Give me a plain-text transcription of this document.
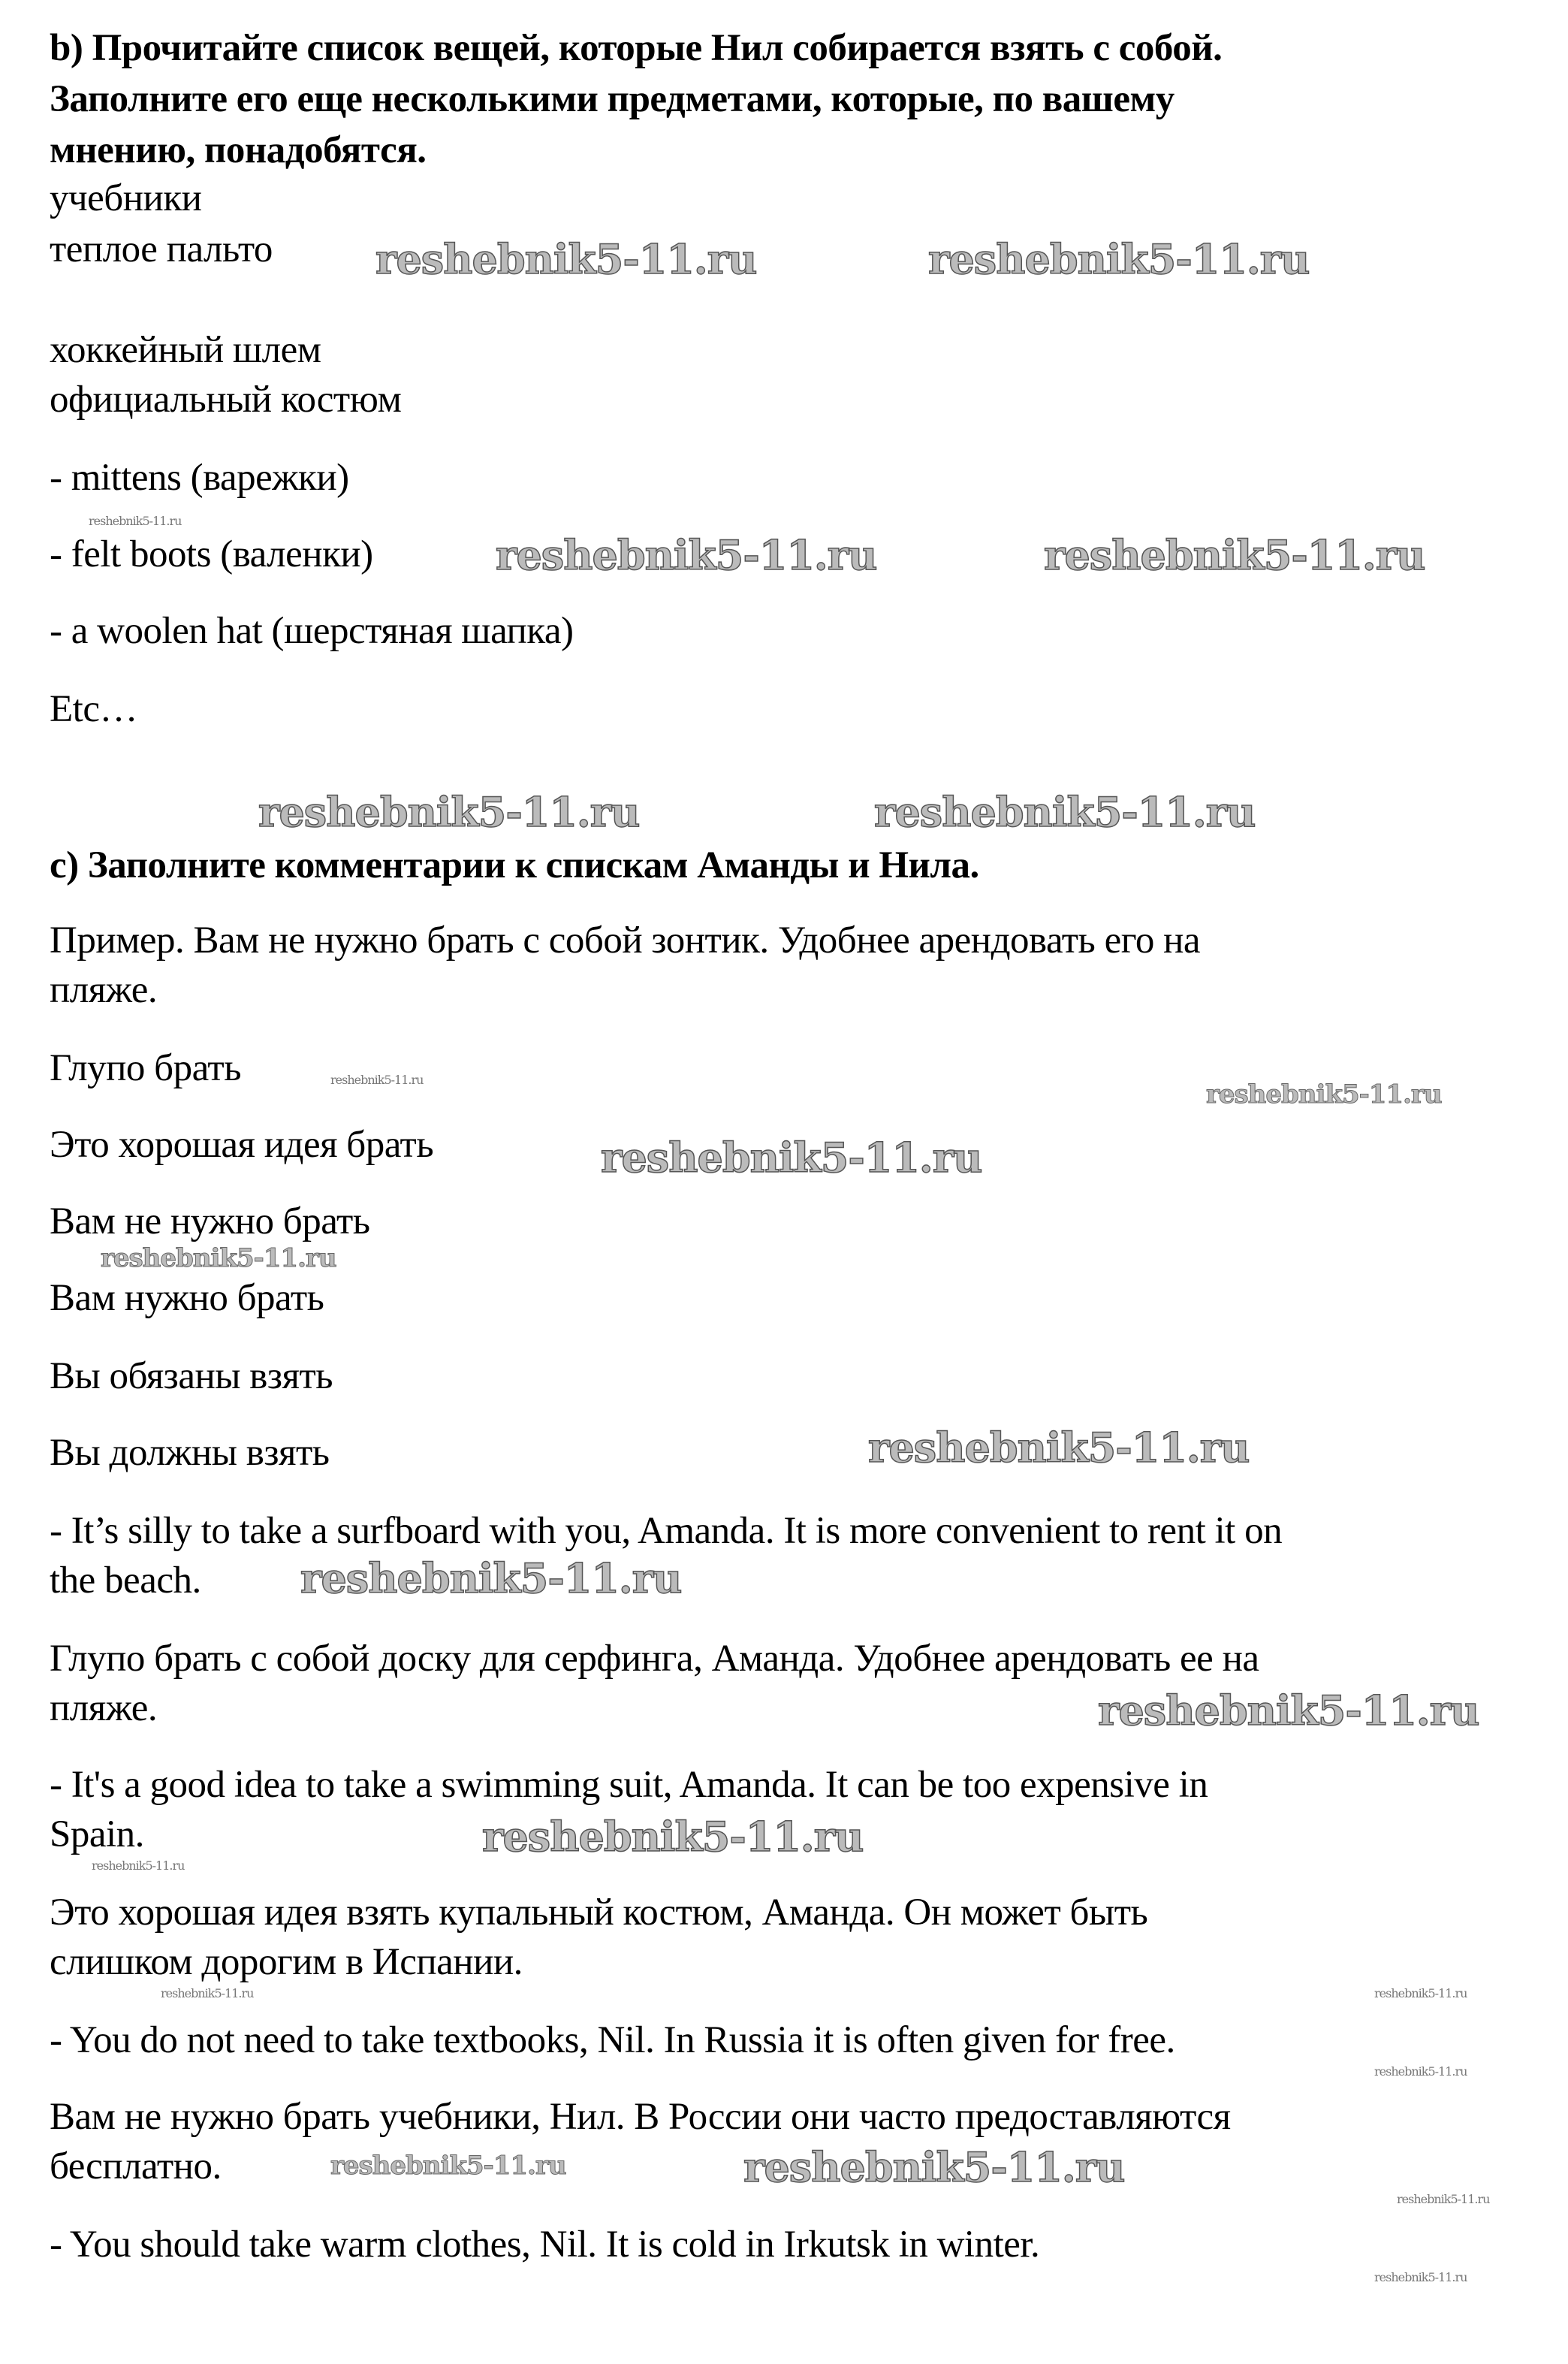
b) Прочитайте список вещей, которые Нил собирается взять с собой.
Заполните его еще несколькими предметами, которые, по вашему
мнению, понадобятся.
учебники
теплое пальто
хоккейный шлем
официальный костюм
- mittens (варежки)
- felt boots (валенки)
- a woolen hat (шерстяная шапка)
Etc…
c) Заполните комментарии к спискам Аманды и Нила.
Пример. Вам не нужно брать с собой зонтик. Удобнее арендовать его на
пляже.
Глупо брать
Это хорошая идея брать
Вам не нужно брать
Вам нужно брать
Вы обязаны взять
Вы должны взять
- It’s silly to take a surfboard with you, Amanda. It is more convenient to rent it on
the beach.
Глупо брать с собой доску для серфинга, Аманда. Удобнее арендовать ее на
пляже.
- It's a good idea to take a swimming suit, Amanda. It can be too expensive in
Spain.
Это хорошая идея взять купальный костюм, Аманда. Он может быть
слишком дорогим в Испании.
- You do not need to take textbooks, Nil. In Russia it is often given for free.
Вам не нужно брать учебники, Нил. В России они часто предоставляются
бесплатно.
- You should take warm clothes, Nil. It is cold in Irkutsk in winter.
reshebnik5-11.ru	reshebnik5-11.ru
reshebnik5-11.ru	reshebnik5-11.ru
reshebnik5-11.ru	reshebnik5-11.ru
reshebnik5-11.ru
reshebnik5-11.ru
reshebnik5-11.ru
reshebnik5-11.ru
reshebnik5-11.ru
reshebnik5-11.ru
reshebnik5-11.ru
reshebnik5-11.ru
reshebnik5-11.ru
reshebnik5-11.ru
reshebnik5-11.ru
reshebnik5-11.ru
reshebnik5-11.ru	reshebnik5-11.ru
reshebnik5-11.ru
reshebnik5-11.ru
reshebnik5-11.ru
